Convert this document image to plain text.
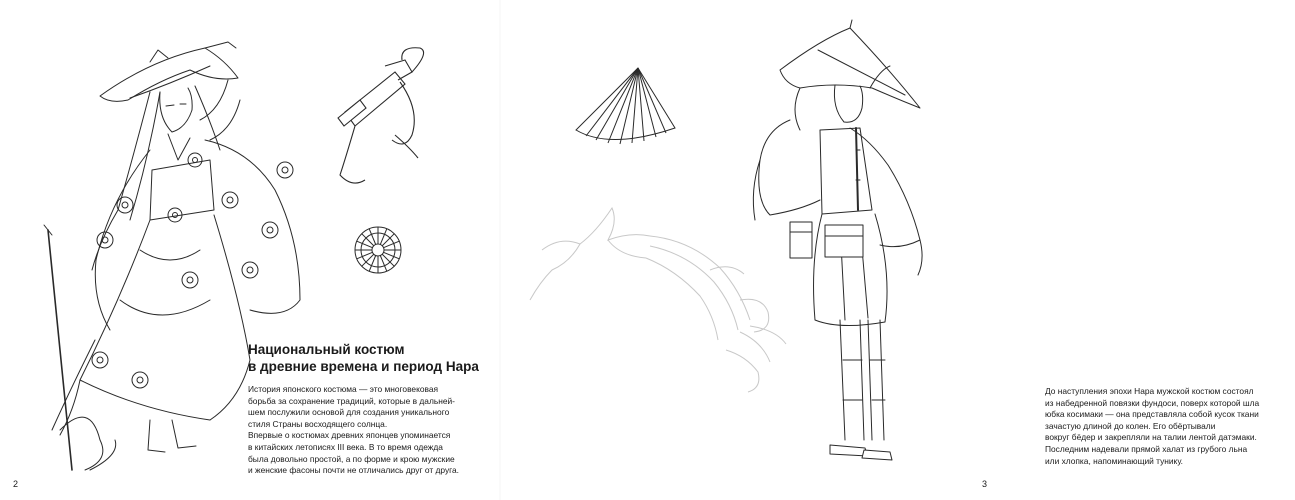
Национальный костюм
в древние времена и период Нара

История японского костюма — это многовековая
борьба за сохранение традиций, которые в дальней-
шем послужили основой для создания уникального
стиля Страны восходящего солнца.
Впервые о костюмах древних японцев упоминается
в китайских летописях III века. В то время одежда
была довольно простой, а по форме и крою мужские
и женские фасоны почти не отличались друг от друга.

2

До наступления эпохи Нара мужской костюм состоял
из набедренной повязки фундоси, поверх которой шла
юбка косимаки — она представляла собой кусок ткани
зачастую длиной до колен. Его обёртывали
вокруг бёдер и закрепляли на талии лентой датэмаки.
Последним надевали прямой халат из грубого льна
или хлопка, напоминающий тунику.

3
